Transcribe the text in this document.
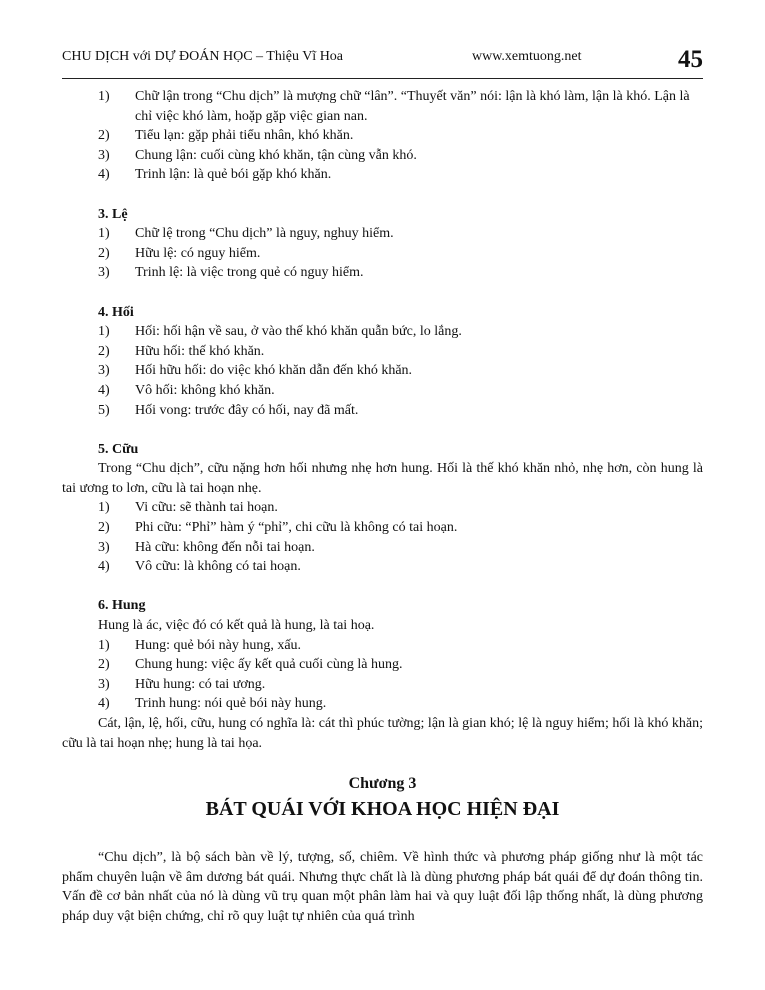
CHU DỊCH với DỰ ĐOÁN HỌC – Thiệu Vĩ Hoa	www.xemtuong.net	45
1)	Chữ lận trong “Chu dịch” là mượng chữ “lân”. “Thuyết văn” nói: lận là khó làm, lận là khó. Lận là chỉ việc khó làm, hoặp gặp việc gian nan.
2)	Tiểu lạn: gặp phải tiểu nhân, khó khăn.
3)	Chung lận: cuối cùng khó khăn, tận cùng vẫn khó.
4)	Trinh lận: là quẻ bói gặp khó khăn.
3. Lệ
1)	Chữ lệ trong “Chu dịch” là nguy, nghuy hiểm.
2)	Hữu lệ: có nguy hiểm.
3)	Trinh lệ: là việc trong quẻ có nguy hiểm.
4. Hối
1)	Hối: hối hận về sau, ở vào thế khó khăn quẫn bức, lo lắng.
2)	Hữu hối: thế khó khăn.
3)	Hối hữu hối: do việc khó khăn dẫn đến khó khăn.
4)	Vô hối: không khó khăn.
5)	Hối vong: trước đây có hối, nay đã mất.
5. Cữu
Trong “Chu dịch”, cữu nặng hơn hối nhưng nhẹ hơn hung. Hối là thế khó khăn nhỏ, nhẹ hơn, còn hung là tai ương to lơn, cữu là tai hoạn nhẹ.
1)	Vi cữu: sẽ thành tai hoạn.
2)	Phi cữu: “Phỉ” hàm ý “phỉ”, chi cữu là không có tai hoạn.
3)	Hà cữu: không đến nỗi tai hoạn.
4)	Vô cữu: là không có tai hoạn.
6. Hung
Hung là ác, việc đó có kết quả là hung, là tai hoạ.
1)	Hung: quẻ bói này hung, xấu.
2)	Chung hung: việc ấy kết quả cuối cùng là hung.
3)	Hữu hung: có tai ương.
4)	Trinh hung: nói quẻ bói này hung.
Cát, lận, lệ, hối, cữu, hung có nghĩa là: cát thì phúc tường; lận là gian khó; lệ là nguy hiểm; hối là khó khăn; cữu là tai hoạn nhẹ; hung là tai họa.
Chương 3
BÁT QUÁI VỚI KHOA HỌC HIỆN ĐẠI
“Chu dịch”, là bộ sách bàn về lý, tượng, số, chiêm. Về hình thức và phương pháp giống như là một tác phẩm chuyên luận về âm dương bát quái. Nhưng thực chất là là dùng phương pháp bát quái để dự đoán thông tin. Vấn đề cơ bản nhất của nó là dùng vũ trụ quan một phân làm hai và quy luật đối lập thống nhất, là dùng phương pháp duy vật biện chứng, chỉ rõ quy luật tự nhiên của quá trình
